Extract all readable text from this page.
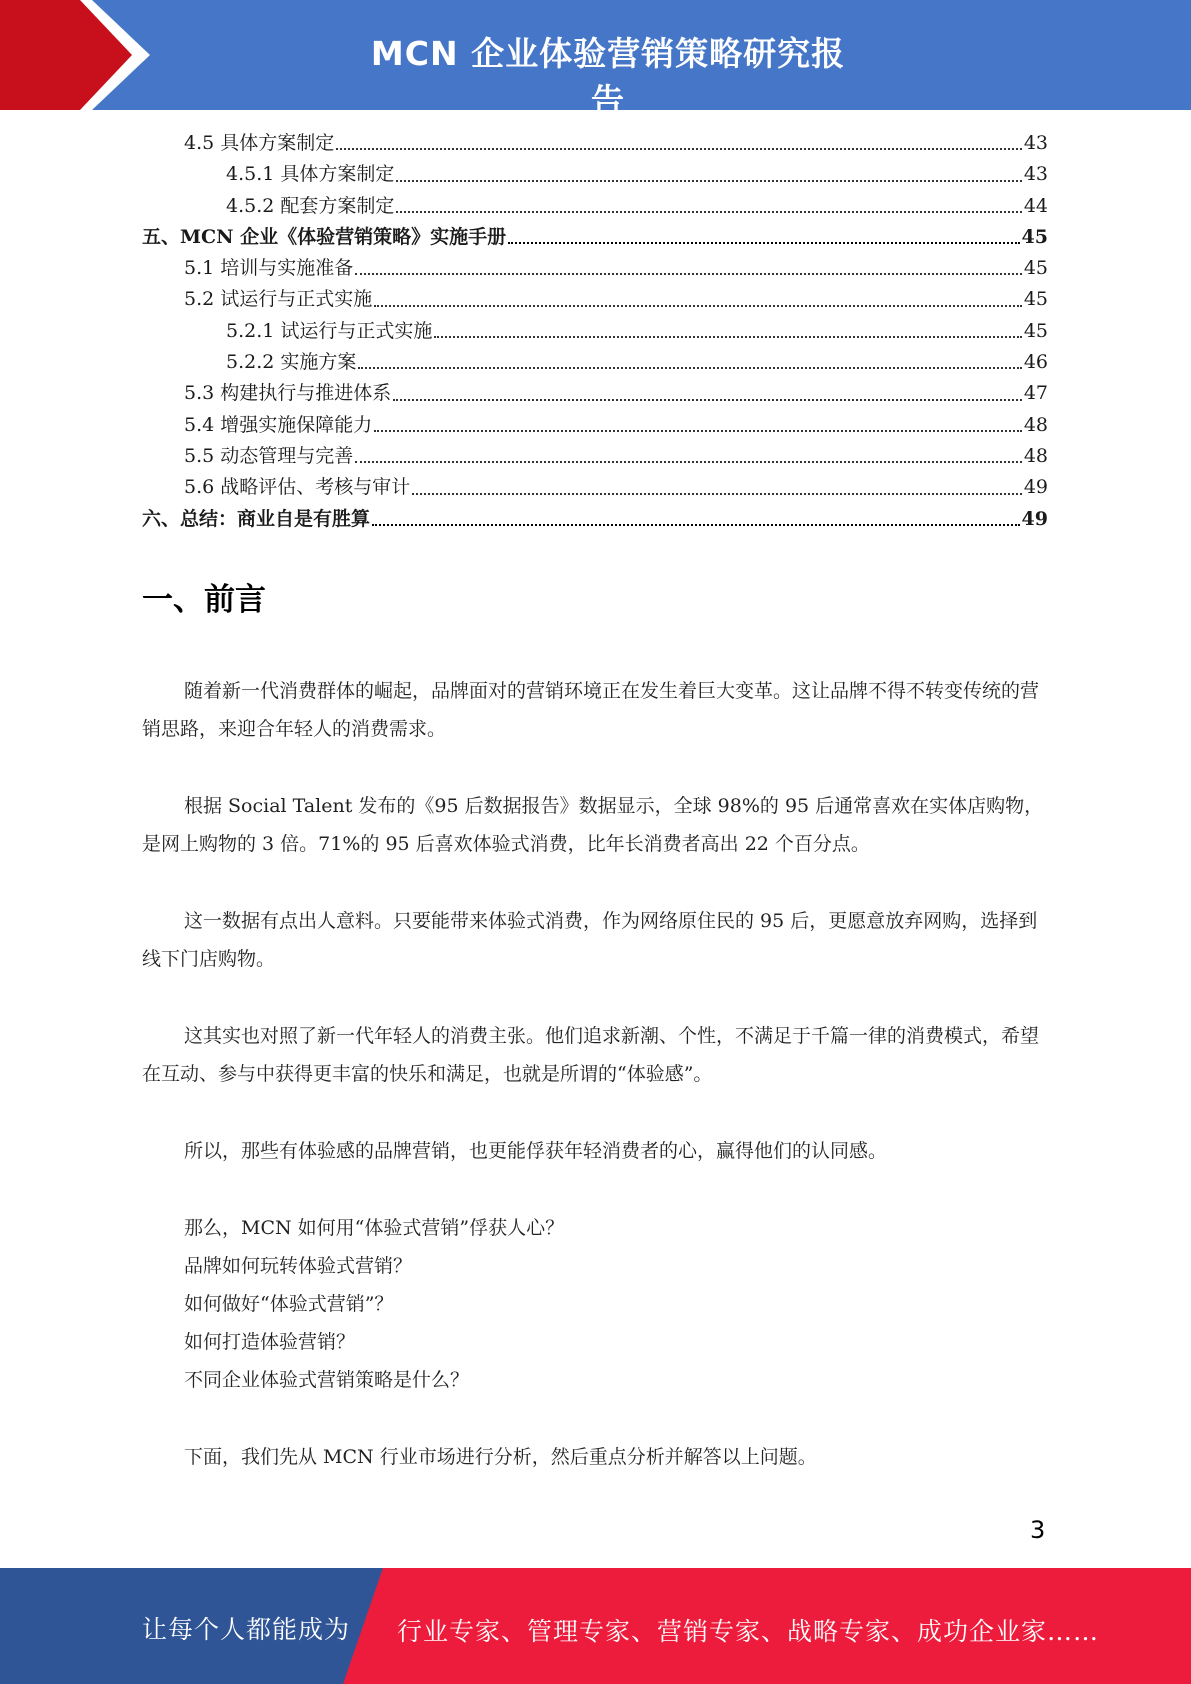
MCN 企业体验营销策略研究报告
4.5 具体方案制定	43
4.5.1 具体方案制定	43
4.5.2 配套方案制定	44
五、MCN 企业《体验营销策略》实施手册	45
5.1 培训与实施准备	45
5.2 试运行与正式实施	45
5.2.1 试运行与正式实施	45
5.2.2 实施方案	46
5.3 构建执行与推进体系	47
5.4 增强实施保障能力	48
5.5 动态管理与完善	48
5.6 战略评估、考核与审计	49
六、总结：商业自是有胜算	49
一、前言

随着新一代消费群体的崛起，品牌面对的营销环境正在发生着巨大变革。这让品牌不得不转变传统的营销思路，来迎合年轻人的消费需求。

根据 Social Talent 发布的《95 后数据报告》数据显示，全球 98%的 95 后通常喜欢在实体店购物，是网上购物的 3 倍。71%的 95 后喜欢体验式消费，比年长消费者高出 22 个百分点。

这一数据有点出人意料。只要能带来体验式消费，作为网络原住民的 95 后，更愿意放弃网购，选择到线下门店购物。

这其实也对照了新一代年轻人的消费主张。他们追求新潮、个性，不满足于千篇一律的消费模式，希望在互动、参与中获得更丰富的快乐和满足，也就是所谓的“体验感”。

所以，那些有体验感的品牌营销，也更能俘获年轻消费者的心，赢得他们的认同感。

那么，MCN 如何用“体验式营销”俘获人心？

品牌如何玩转体验式营销？

如何做好“体验式营销”？

如何打造体验营销？

不同企业体验式营销策略是什么？

下面，我们先从 MCN 行业市场进行分析，然后重点分析并解答以上问题。

3
让每个人都能成为 行业专家、管理专家、营销专家、战略专家、成功企业家……
